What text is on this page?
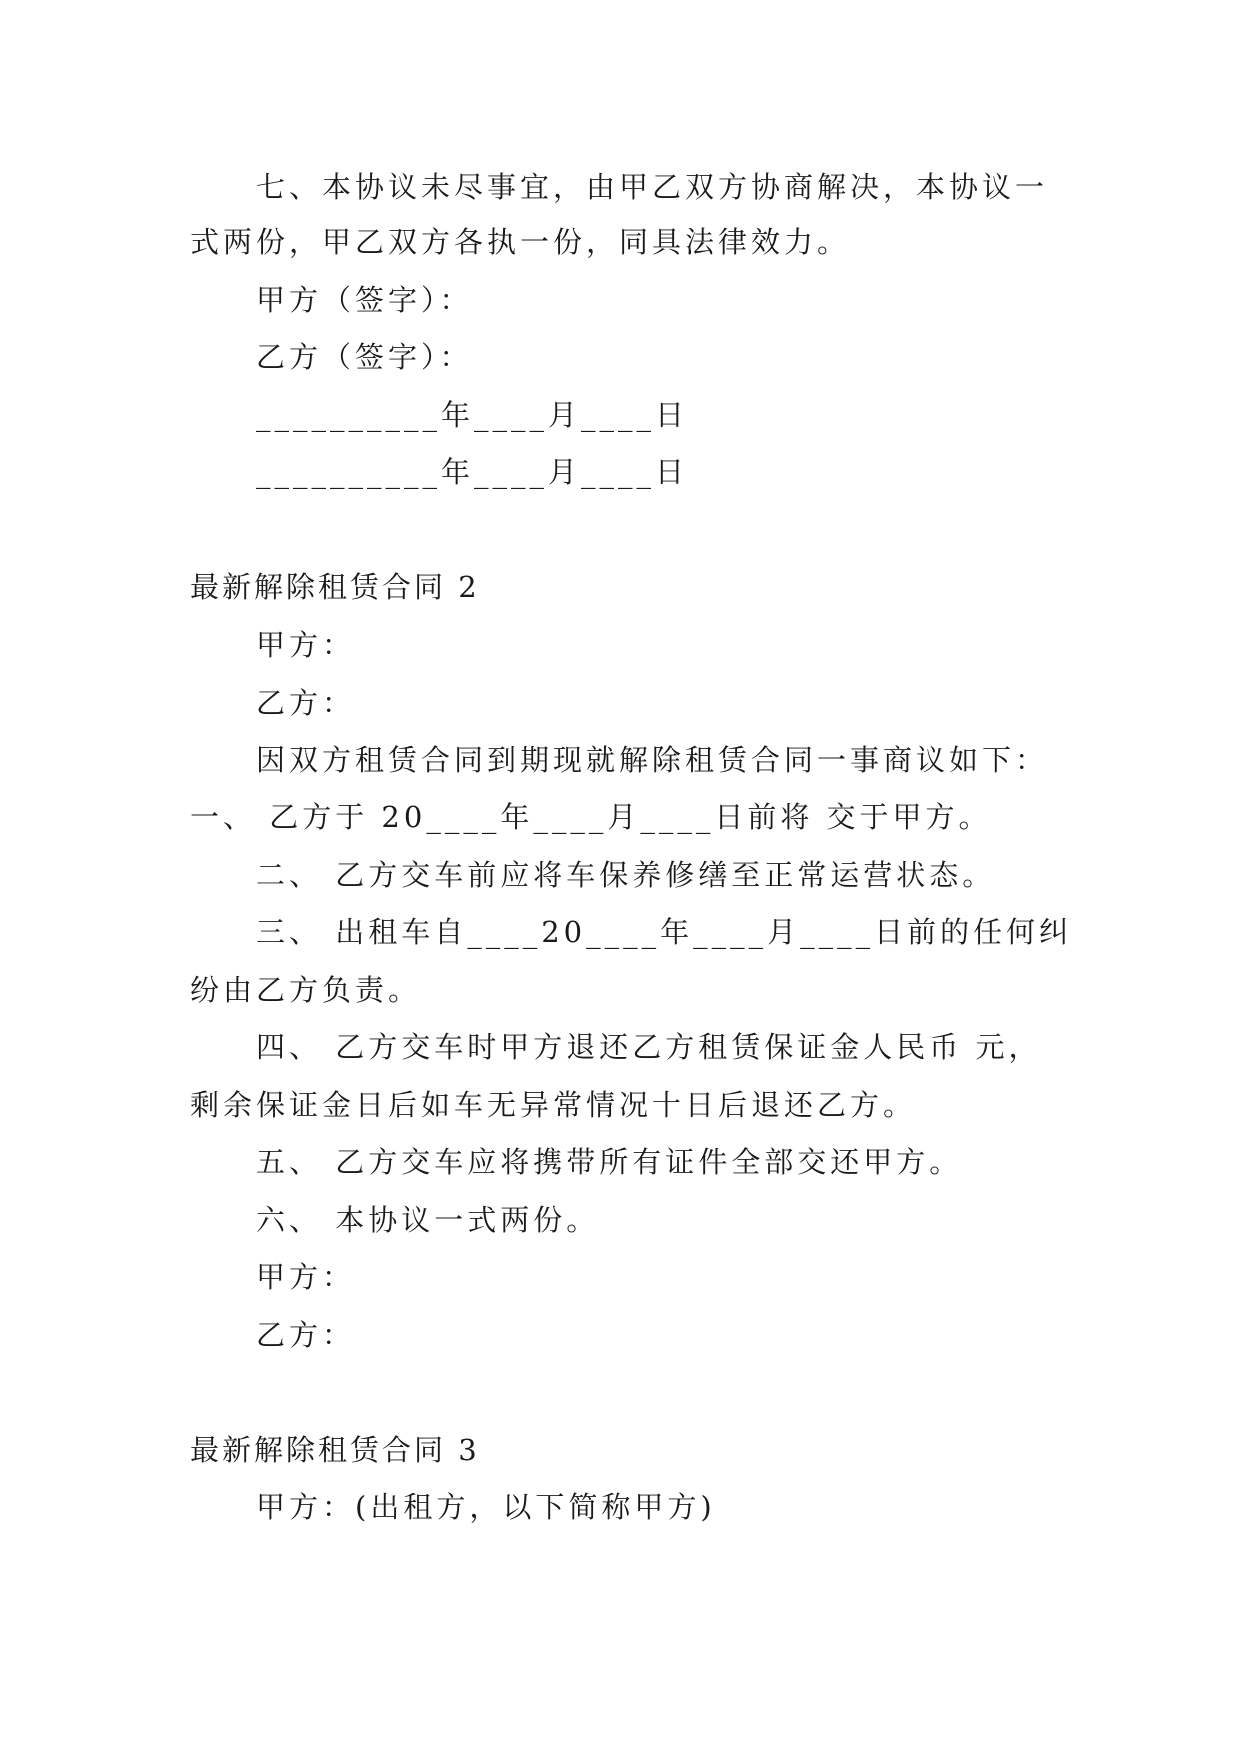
七、本协议未尽事宜，由甲乙双方协商解决，本协议一
式两份，甲乙双方各执一份，同具法律效力。
甲方（签字）：
乙方（签字）：
__________年____月____日
__________年____月____日
最新解除租赁合同 2
甲方：
乙方：
因双方租赁合同到期现就解除租赁合同一事商议如下：
一、 乙方于 20____年____月____日前将 交于甲方。
二、 乙方交车前应将车保养修缮至正常运营状态。
三、 出租车自____20____年____月____日前的任何纠
纷由乙方负责。
四、 乙方交车时甲方退还乙方租赁保证金人民币 元，
剩余保证金日后如车无异常情况十日后退还乙方。
五、 乙方交车应将携带所有证件全部交还甲方。
六、 本协议一式两份。
甲方：
乙方：
最新解除租赁合同 3
甲方：(出租方，以下简称甲方)
